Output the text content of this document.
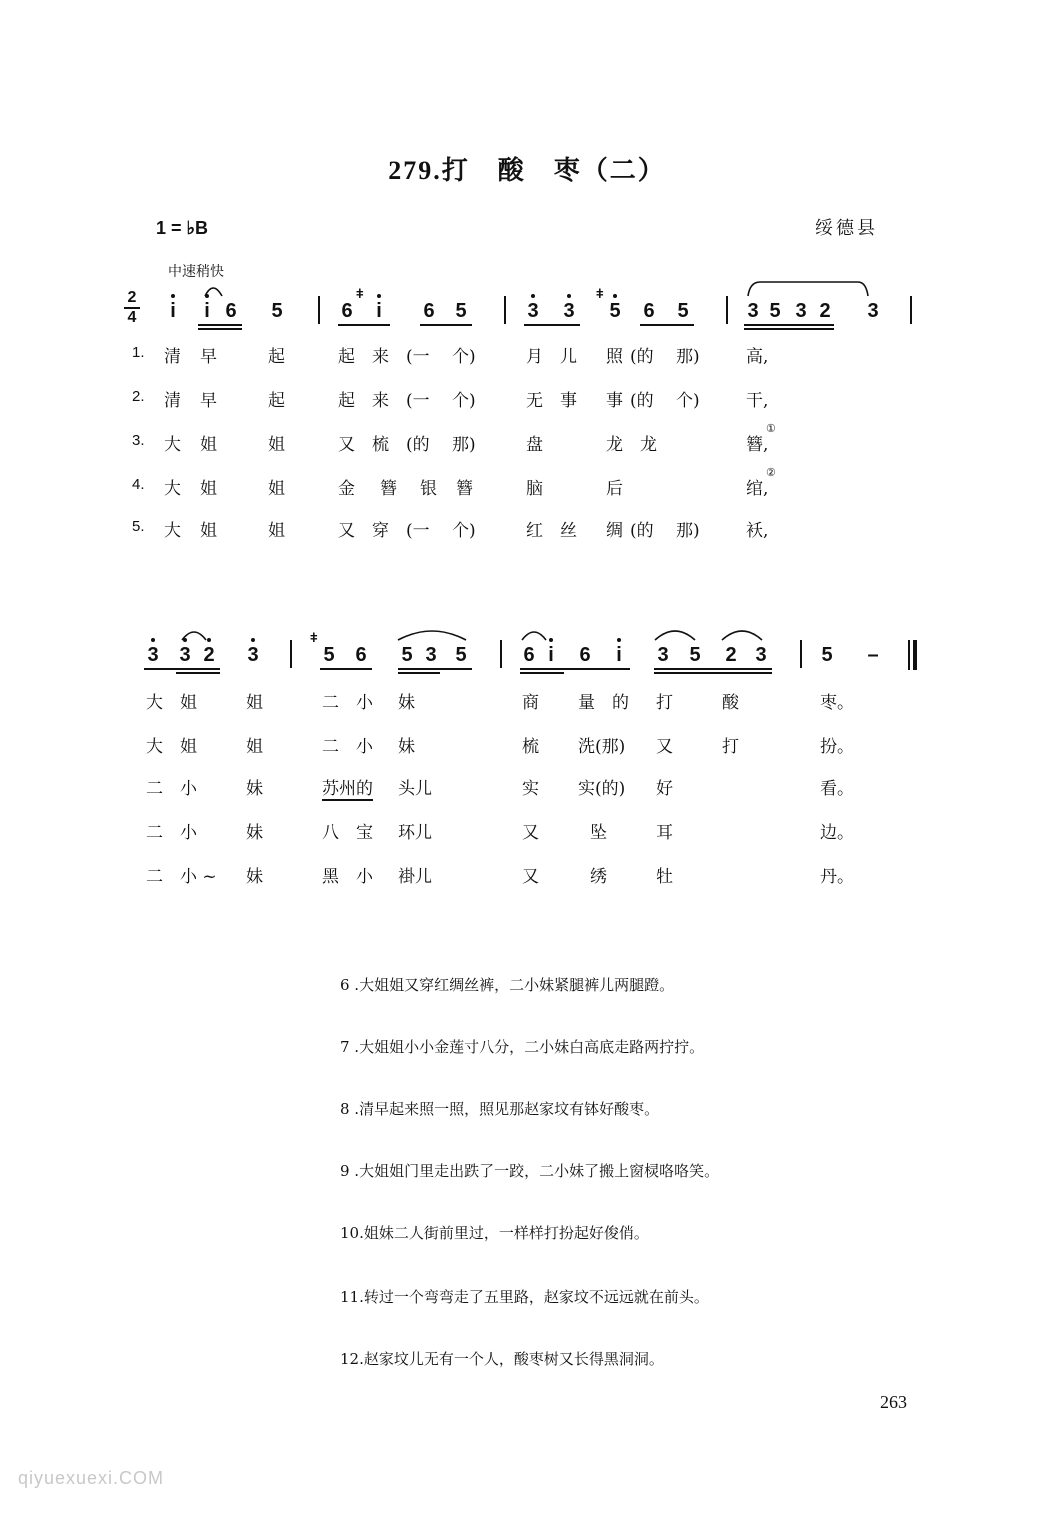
279.打　酸　枣（二）
1 = ♭B	绥德县
中速稍快
2
4	i	i 6 5	6
ǂ
i	6 5	3 3
ǂ
5 6 5	3 5 3 2 3
1. 清 早	起	起 来 (一 个)	月 儿 照 (的 那)	高,
2. 清 早	起	起 来 (一 个)	无 事 事 (的 个)	干,
3. 大 姐	姐	又 梳 (的 那)	盘	龙 龙	簪,
①
4. 大 姐	姐	金 簪 银 簪	脑	后	绾,
②
5. 大 姐	姐	又 穿 (一 个)	红 丝 绸 (的 那)	袄,
3 3 2 3
ǂ
5 6 5 3 5	6 i	6	i	3 5 2 3	5 –
大 姐	姐	二 小 妹	商 量 的 打	酸	枣。
大 姐	姐	二 小 妹	梳 洗(那) 又	打	扮。
二 小	妹	苏州的 头儿	实 实(的) 好	看。
二 小	妹	八 宝 环儿	又	坠	耳	边。
二 小 ~ 妹	黑 小 褂儿	又	绣	牡	丹。
6 .大姐姐又穿红绸丝裤，二小妹紧腿裤儿两腿蹬。
7 .大姐姐小小金莲寸八分，二小妹白高底走路两拧拧。
8 .清早起来照一照，照见那赵家坟有钵好酸枣。
9 .大姐姐门里走出跌了一跤，二小妹了搬上窗棂咯咯笑。
10.姐妹二人街前里过，一样样打扮起好俊俏。
11.转过一个弯弯走了五里路，赵家坟不远远就在前头。
12.赵家坟儿无有一个人，酸枣树又长得黑洞洞。
263
qiyuexuexi.COM
